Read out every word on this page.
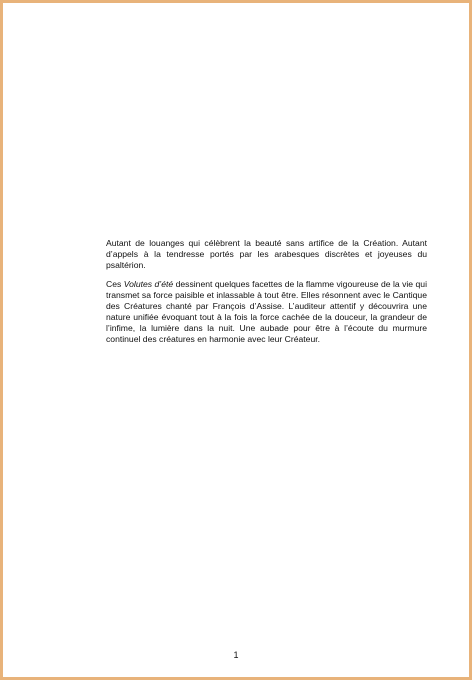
Autant de louanges qui célèbrent la beauté sans artifice de la Création. Autant d’appels à la tendresse portés par les arabesques discrètes et joyeuses du psaltérion.

Ces Volutes d’été dessinent quelques facettes de la flamme vigoureuse de la vie qui transmet sa force paisible et inlassable à tout être. Elles résonnent avec le Cantique des Créatures chanté par François d’Assise. L’auditeur attentif y découvrira une nature unifiée évoquant tout à la fois la force cachée de la douceur, la grandeur de l’infime, la lumière dans la nuit. Une aubade pour être à l’écoute du murmure continuel des créatures en harmonie avec leur Créateur.

1
